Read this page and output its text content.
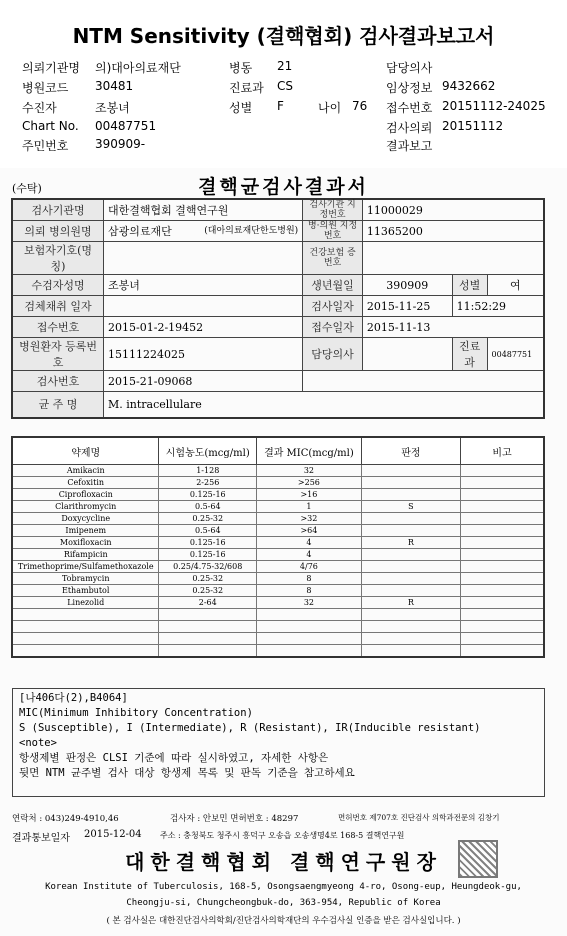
NTM Sensitivity (결핵협회) 검사결과보고서
의뢰기관명 의)대아의료재단
병원코드 30481
수진자	조봉녀
Chart No. 00487751
주민번호 390909-
병동 21
진료과 CS
성별 F	나이 76
담당의사
임상정보 9432662
접수번호 20151112-24025
검사의뢰 20151112
결과보고
(수탁)	결핵균검사결과서
검사기관명	대한결핵협회 결핵연구원	검사기관 지정번호	11000029		
의뢰 병의원명	삼광의료재단 (대아의료재단한도병원)	병·의원 지정번호	11365200		
보험자기호(명칭)		건강보험 증번호			
수검자성명	조봉녀	생년월일	390909	성별	여
검체채취 일자		검사일자	2015-11-25	11:52:29	
접수번호	2015-01-2-19452	접수일자	2015-11-13		
병원환자 등록번호	15111224025	담당의사		진료과	00487751
검사번호	2015-21-09068				
균 주 명	M. intracellulare				
약제명	시험농도(mcg/ml)	결과 MIC(mcg/ml)	판정	비고
Amikacin	1-128	32		
Cefoxitin	2-256	>256		
Ciprofloxacin	0.125-16	>16		
Clarithromycin	0.5-64	1	S	
Doxycycline	0.25-32	>32		
Imipenem	0.5-64	>64		
Moxifloxacin	0.125-16	4	R	
Rifampicin	0.125-16	4		
Trimethoprime/Sulfamethoxazole	0.25/4.75-32/608	4/76		
Tobramycin	0.25-32	8		
Ethambutol	0.25-32	8		
Linezolid	2-64	32	R	

[나406다(2),B4064]
MIC(Minimum Inhibitory Concentration)
S (Susceptible), I (Intermediate), R (Resistant), IR(Inducible resistant)
<note>
항생제별 판정은 CLSI 기준에 따라 실시하였고, 자세한 사항은
뒷면 NTM 균주별 검사 대상 항생제 목록 및 판독 기준을 참고하세요
연락처 : 043)249-4910,46	검사자 : 안보민 면허번호 : 48297	면허번호 제707호 진단검사 의학과전문의 김창기
결과통보일자 2015-12-04 주소 : 충청북도 청주시 흥덕구 오송읍 오송생명4로 168-5 결핵연구원
대한결핵협회 결핵연구원장
Korean Institute of Tuberculosis, 168-5, Osongsaengmyeong 4-ro, Osong-eup, Heungdeok-gu,
Cheongju-si, Chungcheongbuk-do, 363-954, Republic of Korea
( 본 검사실은 대한진단검사의학회/진단검사의학재단의 우수검사실 인증을 받은 검사실입니다. )
